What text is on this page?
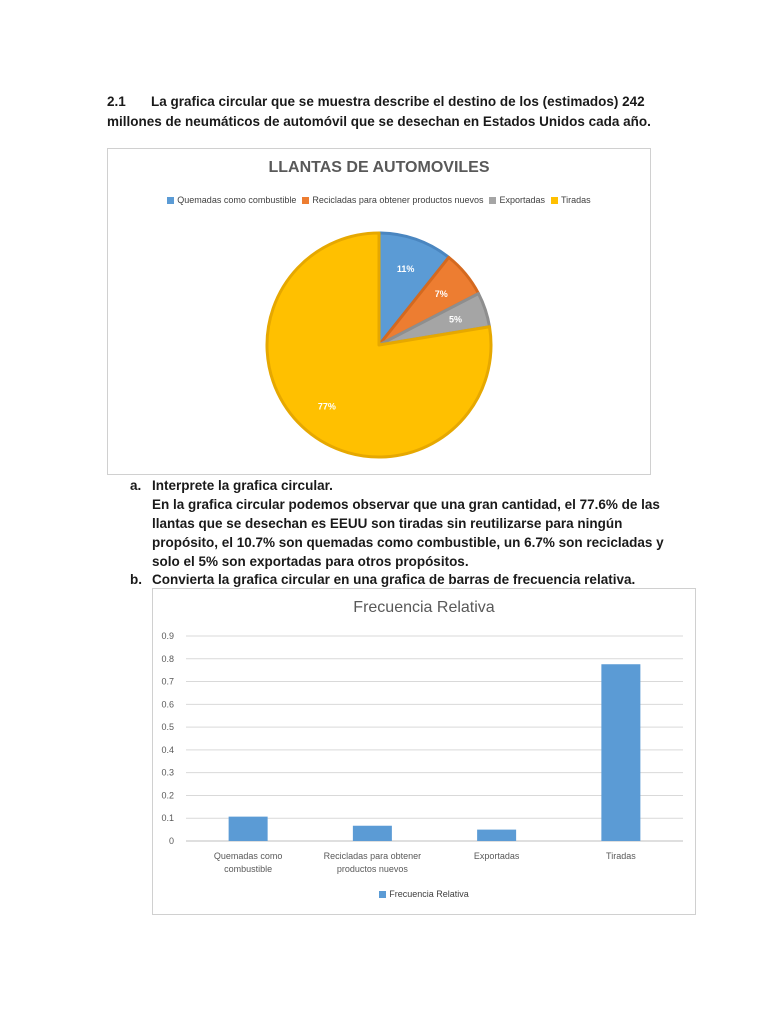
2.1 La grafica circular que se muestra describe el destino de los (estimados) 242
millones de neumáticos de automóvil que se desechan en Estados Unidos cada año.
LLANTAS DE AUTOMOVILES
Quemadas como combustible Recicladas para obtener productos nuevos Exportadas Tiradas
11%
7%
5%
77%
a. Interprete la grafica circular.
En la grafica circular podemos observar que una gran cantidad, el 77.6% de las llantas que se desechan es EEUU son tiradas sin reutilizarse para ningún propósito, el 10.7% son quemadas como combustible, un 6.7% son recicladas y solo el 5% son exportadas para otros propósitos.
b. Convierta la grafica circular en una grafica de barras de frecuencia relativa.
Frecuencia Relativa
0
0.1
0.2
0.3
0.4
0.5
0.6
0.7
0.8
0.9
Quemadas como
combustible
Recicladas para obtener
productos nuevos
Exportadas	Tiradas
Frecuencia Relativa
